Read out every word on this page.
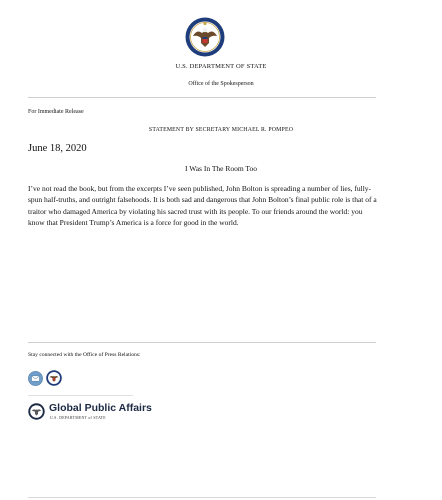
U.S. DEPARTMENT OF STATE
Office of the Spokesperson
For Immediate Release
STATEMENT BY SECRETARY MICHAEL R. POMPEO
June 18, 2020
I Was In The Room Too
I’ve not read the book, but from the excerpts I’ve seen published, John Bolton is spreading a number of lies, fully-spun half-truths, and outright falsehoods. It is both sad and dangerous that John Bolton’s final public role is that of a traitor who damaged America by violating his sacred trust with its people. To our friends around the world: you know that President Trump’s America is a force for good in the world.
Stay connected with the Office of Press Relations:
Global Public Affairs
U.S. DEPARTMENT of STATE
